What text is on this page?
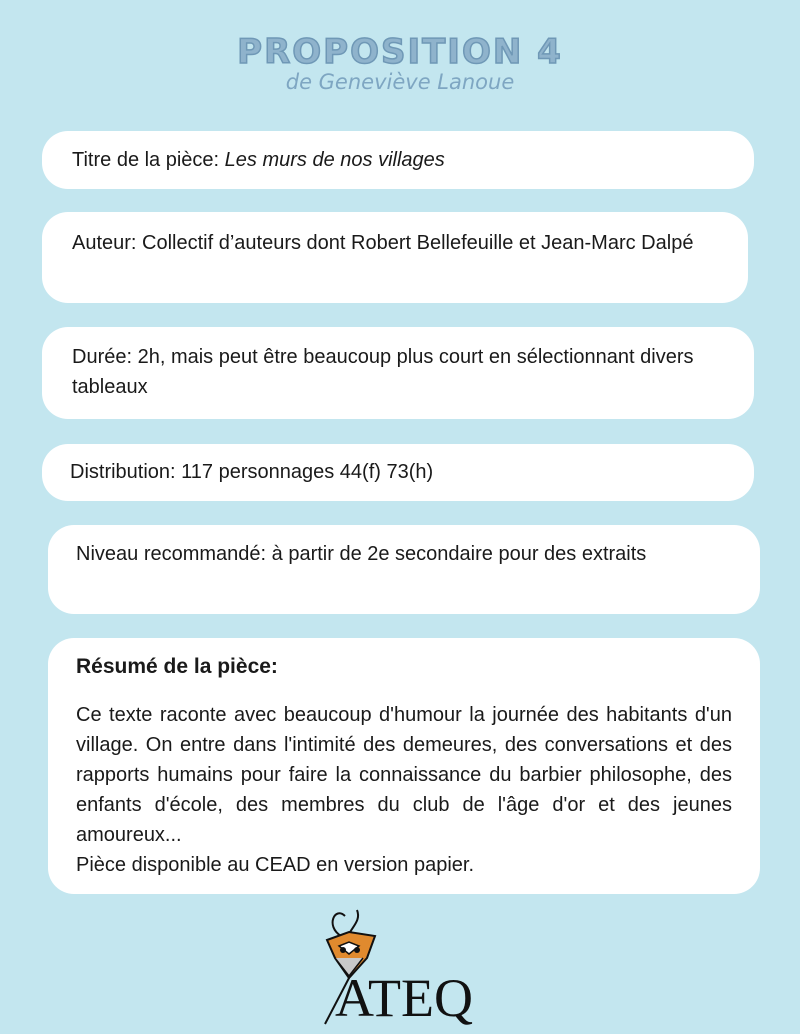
PROPOSITION 4
de Geneviève Lanoue
Titre de la pièce: Les murs de nos villages
Auteur: Collectif d’auteurs dont Robert Bellefeuille et Jean-Marc Dalpé
Durée: 2h, mais peut être beaucoup plus court en sélectionnant divers tableaux
Distribution: 117 personnages 44(f) 73(h)
Niveau recommandé: à partir de 2e secondaire pour des extraits
Résumé de la pièce:
Ce texte raconte avec beaucoup d'humour la journée des habitants d'un village. On entre dans l'intimité des demeures, des conversations et des rapports humains pour faire la connaissance du barbier philosophe, des enfants d'école, des membres du club de l'âge d'or et des jeunes amoureux...
Pièce disponible au CEAD en version papier.
ATEQ
